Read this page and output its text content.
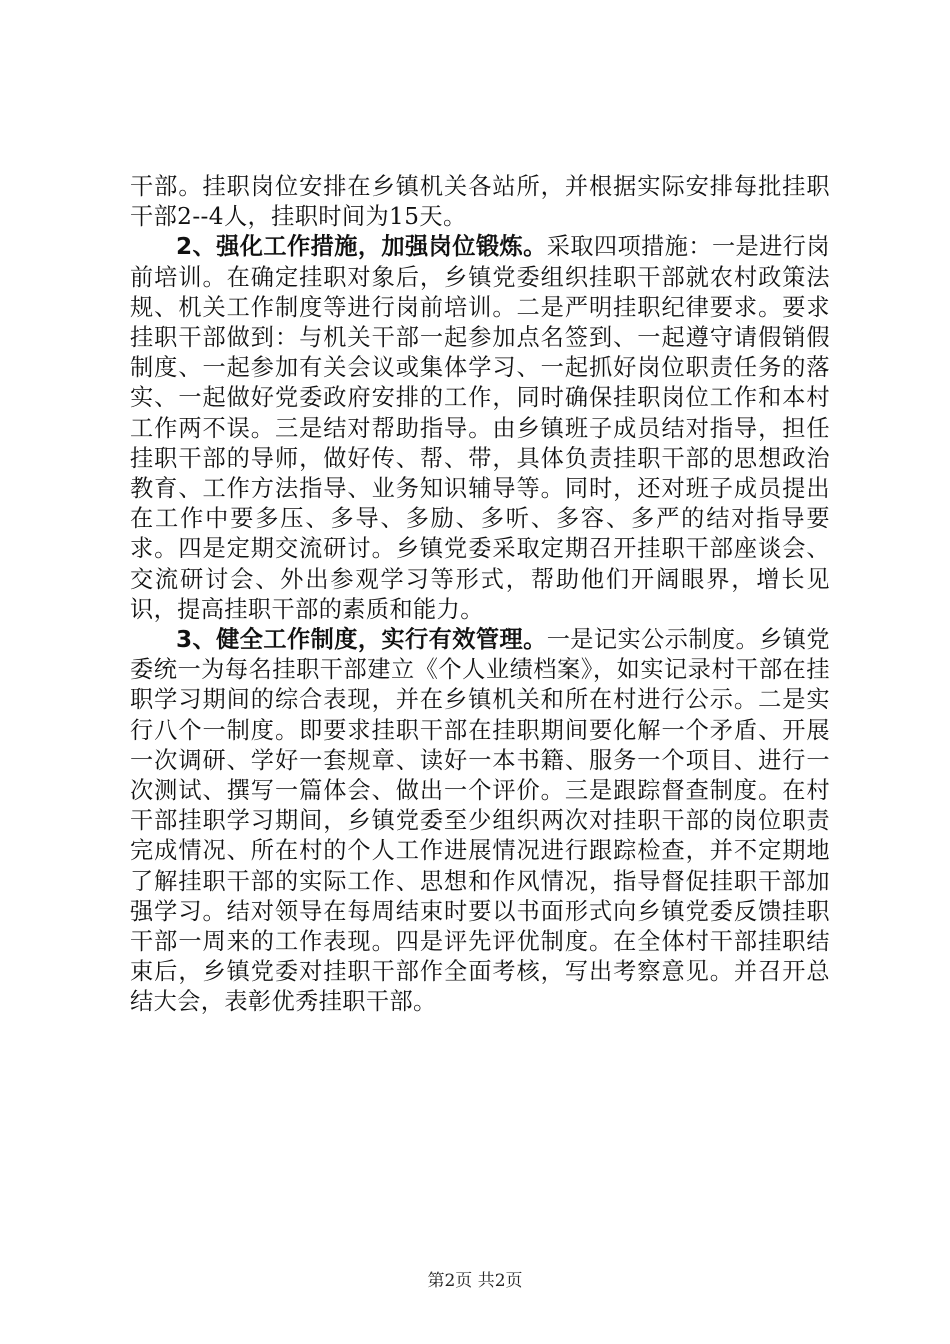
干部。挂职岗位安排在乡镇机关各站所，并根据实际安排每批挂职干部2--4人，挂职时间为15天。

2、强化工作措施，加强岗位锻炼。采取四项措施：一是进行岗前培训。在确定挂职对象后，乡镇党委组织挂职干部就农村政策法规、机关工作制度等进行岗前培训。二是严明挂职纪律要求。要求挂职干部做到：与机关干部一起参加点名签到、一起遵守请假销假制度、一起参加有关会议或集体学习、一起抓好岗位职责任务的落实、一起做好党委政府安排的工作，同时确保挂职岗位工作和本村工作两不误。三是结对帮助指导。由乡镇班子成员结对指导，担任挂职干部的导师，做好传、帮、带，具体负责挂职干部的思想政治教育、工作方法指导、业务知识辅导等。同时，还对班子成员提出在工作中要多压、多导、多励、多听、多容、多严的结对指导要求。四是定期交流研讨。乡镇党委采取定期召开挂职干部座谈会、交流研讨会、外出参观学习等形式，帮助他们开阔眼界，增长见识，提高挂职干部的素质和能力。

3、健全工作制度，实行有效管理。一是记实公示制度。乡镇党委统一为每名挂职干部建立《个人业绩档案》，如实记录村干部在挂职学习期间的综合表现，并在乡镇机关和所在村进行公示。二是实行八个一制度。即要求挂职干部在挂职期间要化解一个矛盾、开展一次调研、学好一套规章、读好一本书籍、服务一个项目、进行一次测试、撰写一篇体会、做出一个评价。三是跟踪督查制度。在村干部挂职学习期间，乡镇党委至少组织两次对挂职干部的岗位职责完成情况、所在村的个人工作进展情况进行跟踪检查，并不定期地了解挂职干部的实际工作、思想和作风情况，指导督促挂职干部加强学习。结对领导在每周结束时要以书面形式向乡镇党委反馈挂职干部一周来的工作表现。四是评先评优制度。在全体村干部挂职结束后，乡镇党委对挂职干部作全面考核，写出考察意见。并召开总结大会，表彰优秀挂职干部。

第2页 共2页
